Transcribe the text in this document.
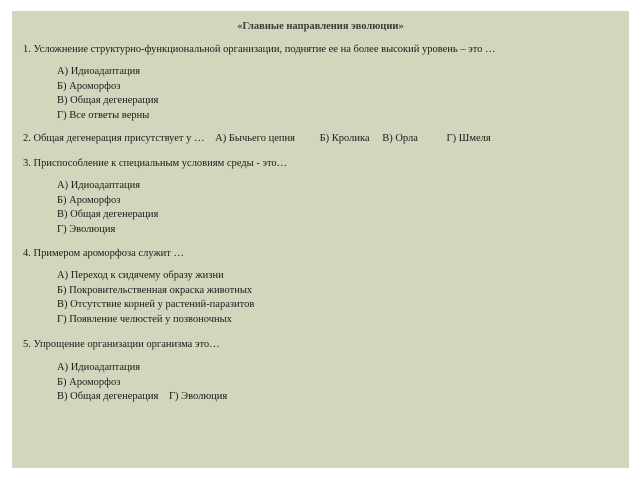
«Главные направления эволюции»
1. Усложнение структурно-функциональной организации, поднятие ее на более высокий уровень – это …
А) Идиоадаптация
Б) Ароморфоз
В) Общая дегенерация
Г) Все ответы верны
2. Общая дегенерация присутствует у … А) Бычьего цепня Б) Кролика В) Орла	Г) Шмеля
3. Приспособление к специальным условиям среды - это…
А) Идиоадаптация
Б) Ароморфоз
В) Общая дегенерация
Г) Эволюция
4. Примером ароморфоза служит …
А) Переход к сидячему образу жизни
Б) Покровительственная окраска животных
В) Отсутствие корней у растений-паразитов
Г) Появление челюстей у позвоночных
5. Упрощение организации организма это…
А) Идиоадаптация
Б) Ароморфоз
В) Общая дегенерация Г) Эволюция
